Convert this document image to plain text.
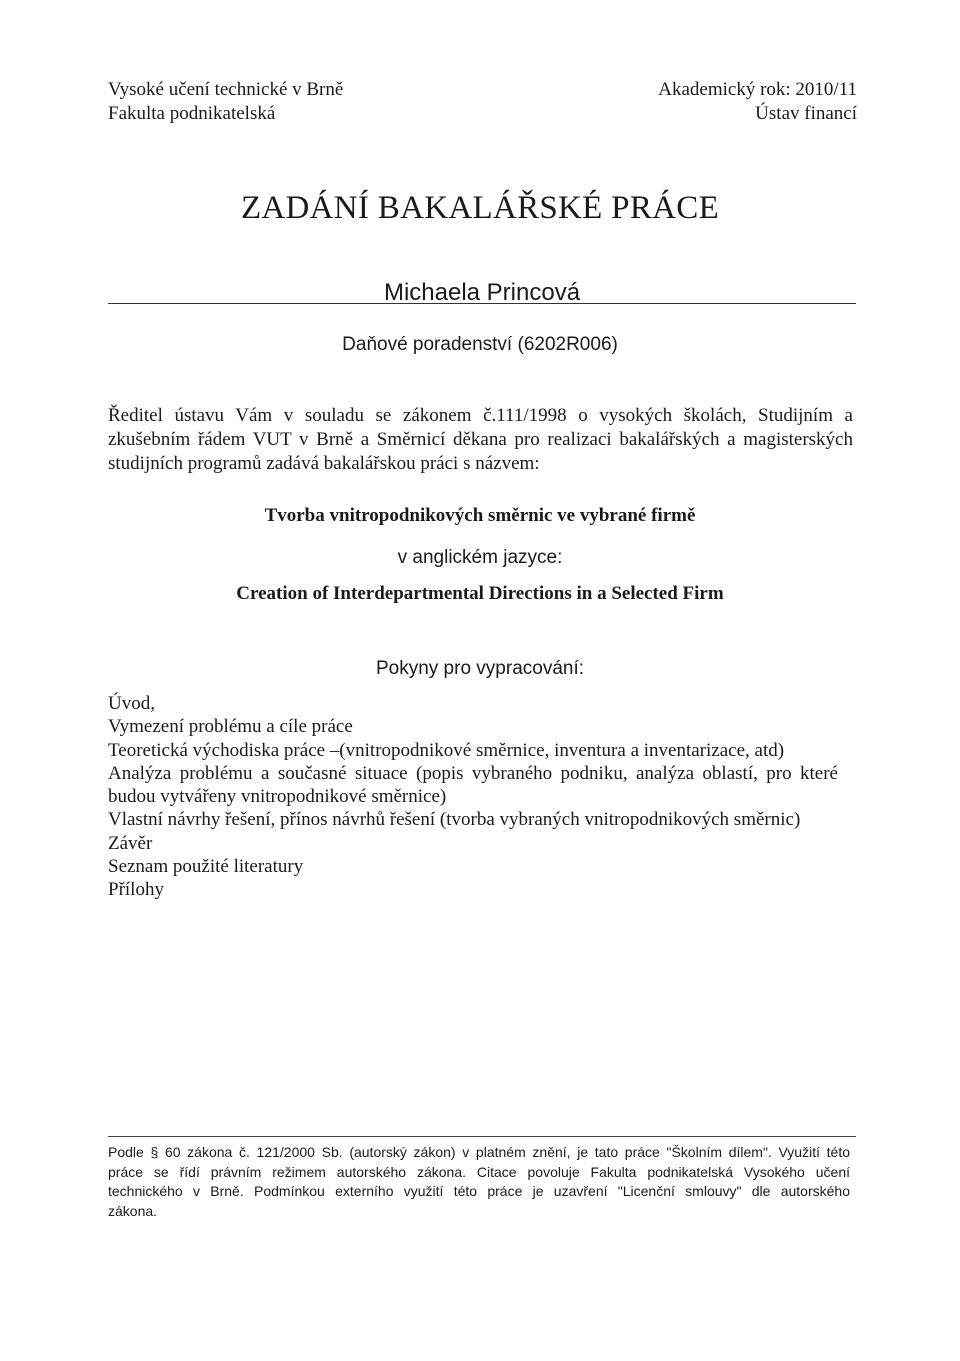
Vysoké učení technické v Brně
Fakulta podnikatelská
Akademický rok: 2010/11
Ústav financí
ZADÁNÍ BAKALÁŘSKÉ PRÁCE
Michaela Princová
Daňové poradenství (6202R006)
Ředitel ústavu Vám v souladu se zákonem č.111/1998 o vysokých školách, Studijním a
zkušebním řádem VUT v Brně a Směrnicí děkana pro realizaci bakalářských a magisterských
studijních programů zadává bakalářskou práci s názvem:
Tvorba vnitropodnikových směrnic ve vybrané firmě
v anglickém jazyce:
Creation of Interdepartmental Directions in a Selected Firm
Pokyny pro vypracování:
Úvod,
Vymezení problému a cíle práce
Teoretická východiska práce –(vnitropodnikové směrnice, inventura a inventarizace, atd)
Analýza problému a současné situace (popis vybraného podniku, analýza oblastí, pro které
budou vytvářeny vnitropodnikové směrnice)
Vlastní návrhy řešení, přínos návrhů řešení (tvorba vybraných vnitropodnikových směrnic)
Závěr
Seznam použité literatury
Přílohy
Podle § 60 zákona č. 121/2000 Sb. (autorský zákon) v platném znění, je tato práce "Školním dílem". Využití této
práce se řídí právním režimem autorského zákona. Citace povoluje Fakulta podnikatelská Vysokého učení
technického v Brně. Podmínkou externího využití této práce je uzavření "Licenční smlouvy" dle autorského
zákona.
